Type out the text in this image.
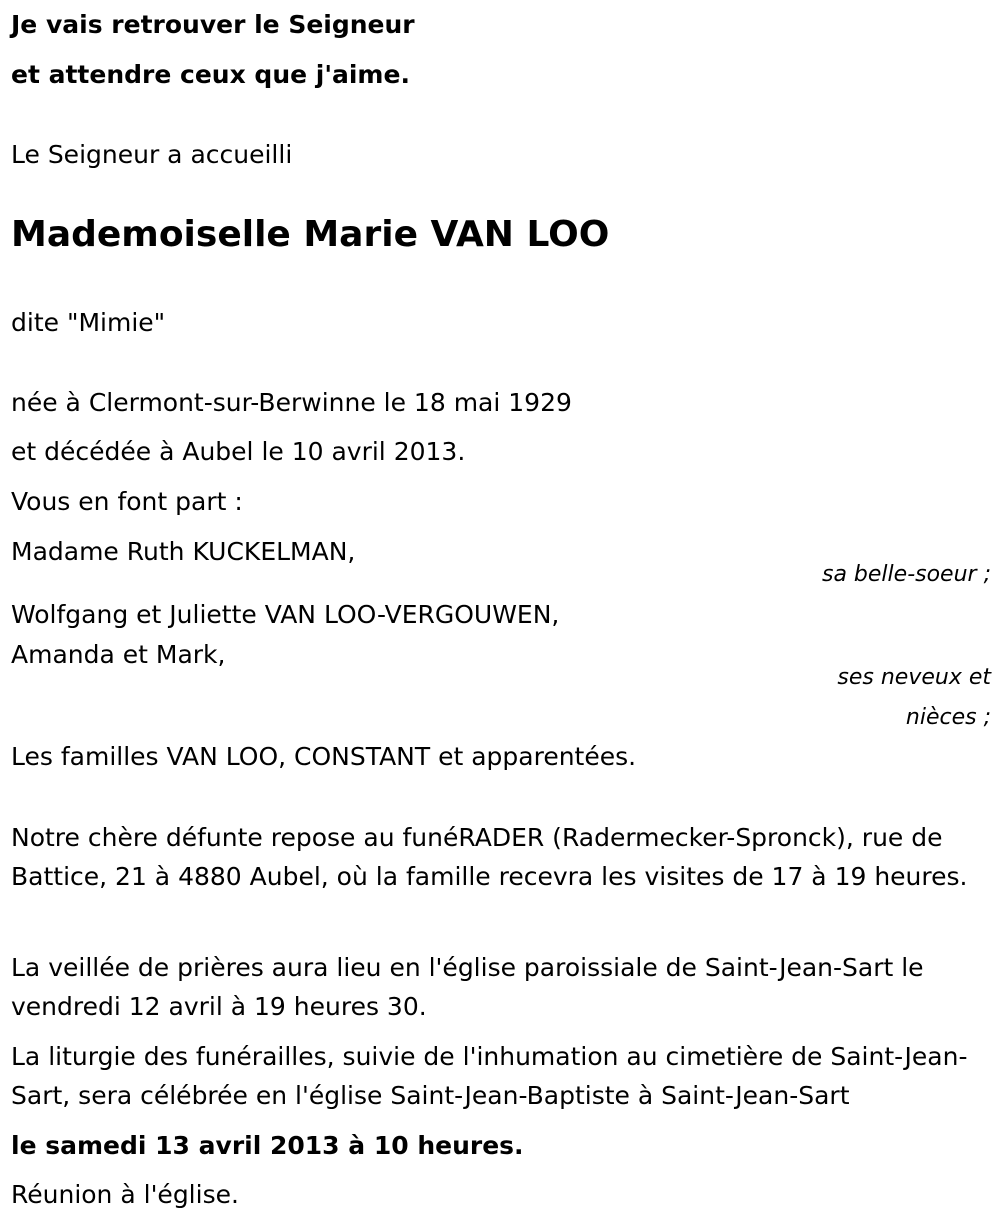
Je vais retrouver le Seigneur
et attendre ceux que j'aime.
Le Seigneur a accueilli
Mademoiselle Marie VAN LOO
dite "Mimie"
née à Clermont-sur-Berwinne le 18 mai 1929
et décédée à Aubel le 10 avril 2013.
Vous en font part :
Madame Ruth KUCKELMAN,
sa belle-soeur ;
Wolfgang et Juliette VAN LOO-VERGOUWEN,
Amanda et Mark,
ses neveux et
nièces ;
Les familles VAN LOO, CONSTANT et apparentées.
Notre chère défunte repose au funéRADER (Radermecker-Spronck), rue de Battice, 21 à 4880 Aubel, où la famille recevra les visites de 17 à 19 heures.
La veillée de prières aura lieu en l'église paroissiale de Saint-Jean-Sart le vendredi 12 avril à 19 heures 30.
La liturgie des funérailles, suivie de l'inhumation au cimetière de Saint-Jean-Sart, sera célébrée en l'église Saint-Jean-Baptiste à Saint-Jean-Sart
le samedi 13 avril 2013 à 10 heures.
Réunion à l'église.
